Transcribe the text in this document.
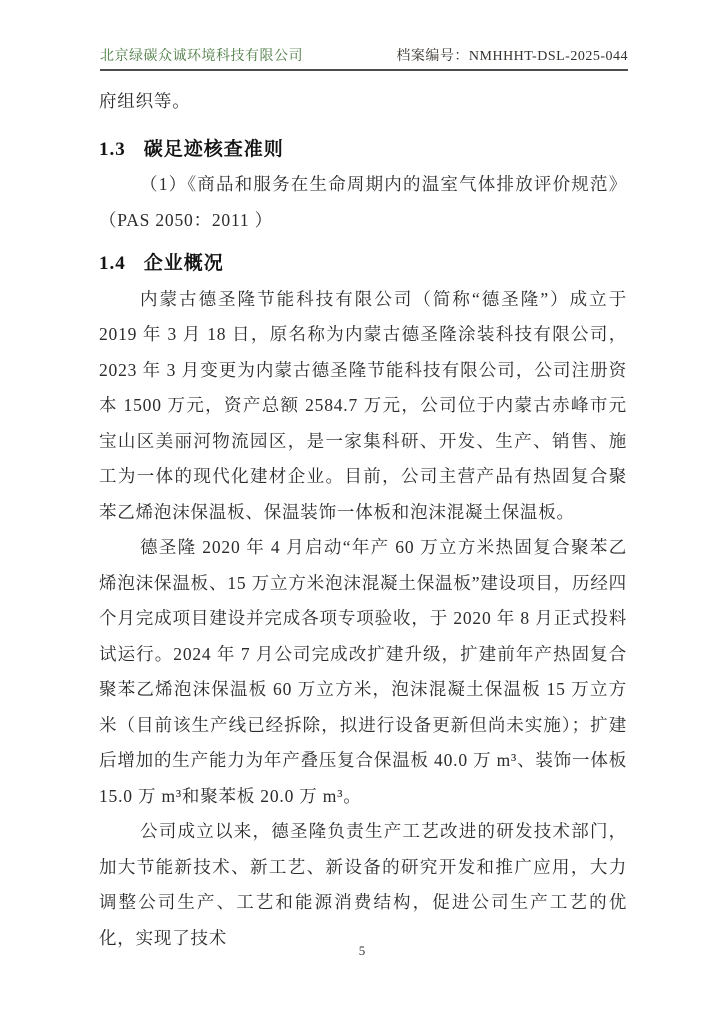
北京绿碳众诚环境科技有限公司	档案编号：NMHHHT-DSL-2025-044

府组织等。

1.3 碳足迹核查准则

（1）《商品和服务在生命周期内的温室气体排放评价规范》（PAS 2050：2011 ）

1.4 企业概况

内蒙古德圣隆节能科技有限公司（简称“德圣隆”）成立于 2019 年 3 月 18 日，原名称为内蒙古德圣隆涂装科技有限公司，2023 年 3 月变更为内蒙古德圣隆节能科技有限公司，公司注册资本 1500 万元，资产总额 2584.7 万元，公司位于内蒙古赤峰市元宝山区美丽河物流园区，是一家集科研、开发、生产、销售、施工为一体的现代化建材企业。目前，公司主营产品有热固复合聚苯乙烯泡沫保温板、保温装饰一体板和泡沫混凝土保温板。

德圣隆 2020 年 4 月启动“年产 60 万立方米热固复合聚苯乙烯泡沫保温板、15 万立方米泡沫混凝土保温板”建设项目，历经四个月完成项目建设并完成各项专项验收，于 2020 年 8 月正式投料试运行。2024 年 7 月公司完成改扩建升级，扩建前年产热固复合聚苯乙烯泡沫保温板 60 万立方米，泡沫混凝土保温板 15 万立方米（目前该生产线已经拆除，拟进行设备更新但尚未实施）；扩建后增加的生产能力为年产叠压复合保温板 40.0 万 m³、装饰一体板 15.0 万 m³和聚苯板 20.0 万 m³。

公司成立以来，德圣隆负责生产工艺改进的研发技术部门，加大节能新技术、新工艺、新设备的研究开发和推广应用，大力调整公司生产、工艺和能源消费结构，促进公司生产工艺的优化，实现了技术

5
